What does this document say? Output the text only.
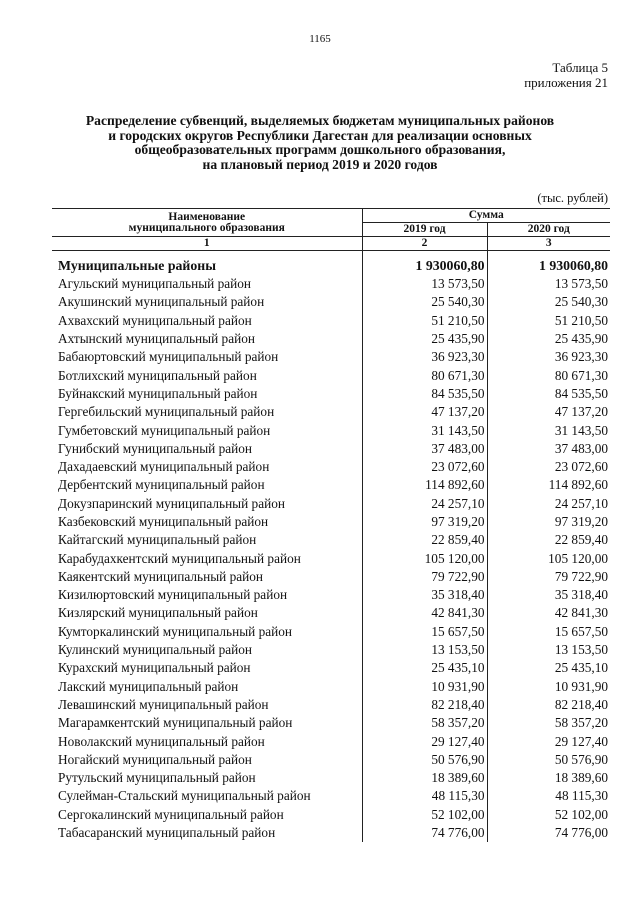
1165
Таблица 5
приложения 21
Распределение субвенций, выделяемых бюджетам муниципальных районов
и городских округов Республики Дагестан для реализации основных
общеобразовательных программ дошкольного образования,
на плановый период 2019 и 2020 годов
(тыс. рублей)
Наименование
муниципального образования	Сумма	
	2019 год	2020 год
1	2	3
Муниципальные районы	1 930060,80	1 930060,80
Агульский муниципальный район	13 573,50	13 573,50
Акушинский муниципальный район	25 540,30	25 540,30
Ахвахский муниципальный район	51 210,50	51 210,50
Ахтынский муниципальный район	25 435,90	25 435,90
Бабаюртовский муниципальный район	36 923,30	36 923,30
Ботлихский муниципальный район	80 671,30	80 671,30
Буйнакский муниципальный район	84 535,50	84 535,50
Гергебильский муниципальный район	47 137,20	47 137,20
Гумбетовский муниципальный район	31 143,50	31 143,50
Гунибский муниципальный район	37 483,00	37 483,00
Дахадаевский муниципальный район	23 072,60	23 072,60
Дербентский муниципальный район	114 892,60	114 892,60
Докузпаринский муниципальный район	24 257,10	24 257,10
Казбековский муниципальный район	97 319,20	97 319,20
Кайтагский муниципальный район	22 859,40	22 859,40
Карабудахкентский муниципальный район	105 120,00	105 120,00
Каякентский муниципальный район	79 722,90	79 722,90
Кизилюртовский муниципальный район	35 318,40	35 318,40
Кизлярский муниципальный район	42 841,30	42 841,30
Кумторкалинский муниципальный район	15 657,50	15 657,50
Кулинский муниципальный район	13 153,50	13 153,50
Курахский муниципальный район	25 435,10	25 435,10
Лакский муниципальный район	10 931,90	10 931,90
Левашинский муниципальный район	82 218,40	82 218,40
Магарамкентский муниципальный район	58 357,20	58 357,20
Новолакский муниципальный район	29 127,40	29 127,40
Ногайский муниципальный район	50 576,90	50 576,90
Рутульский муниципальный район	18 389,60	18 389,60
Сулейман-Стальский муниципальный район	48 115,30	48 115,30
Сергокалинский муниципальный район	52 102,00	52 102,00
Табасаранский муниципальный район	74 776,00	74 776,00
